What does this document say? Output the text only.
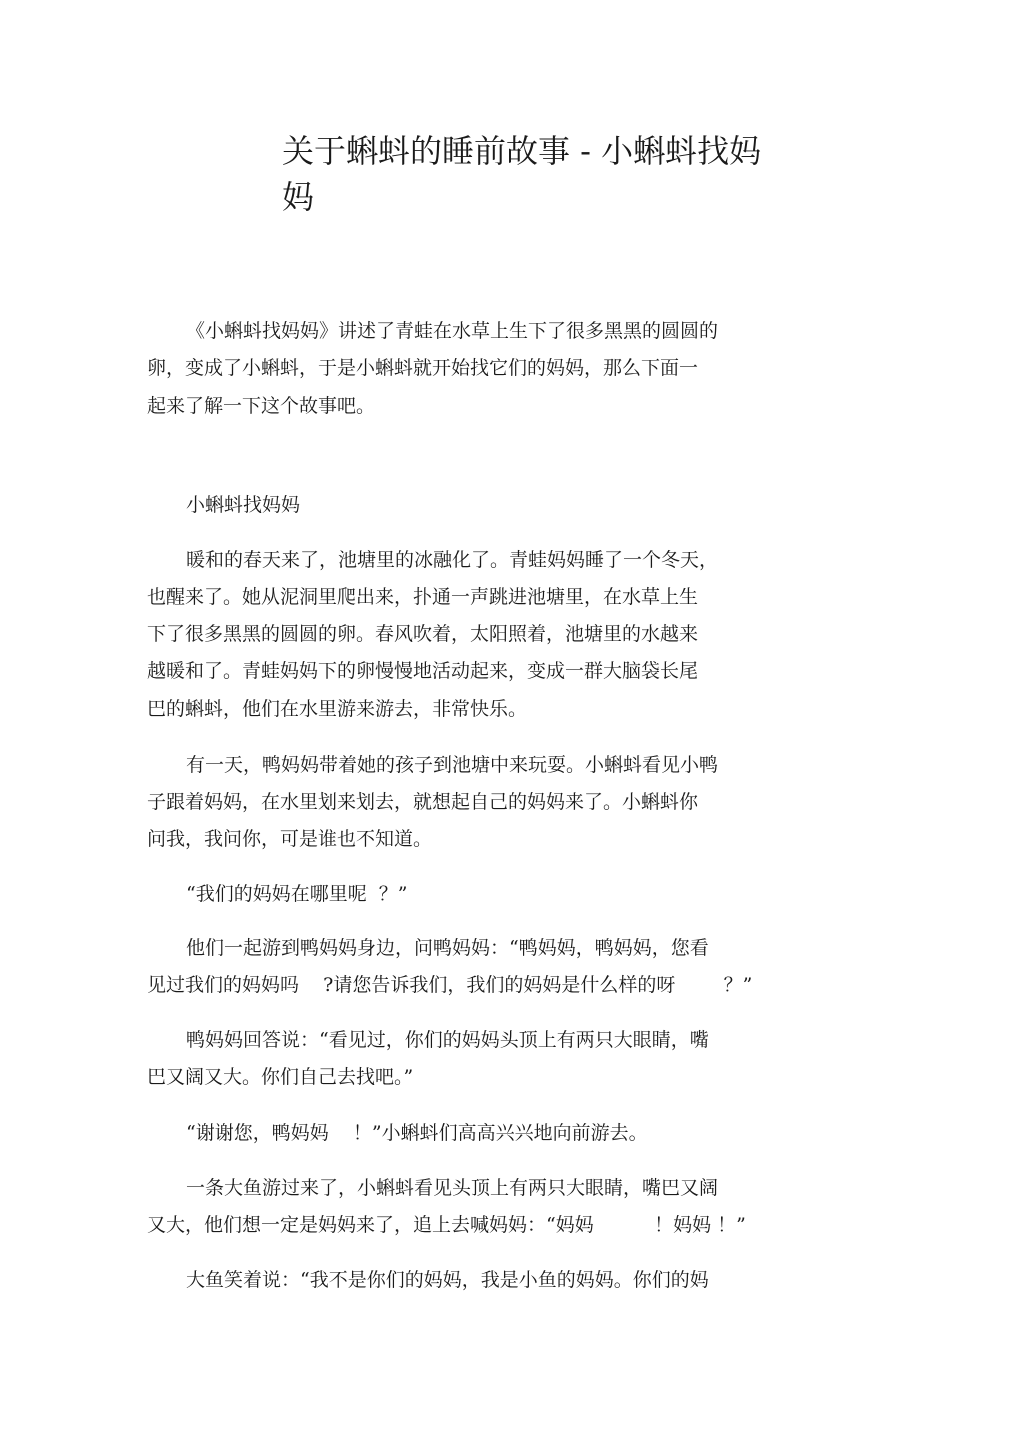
关于蝌蚪的睡前故事 - 小蝌蚪找妈
妈
《小蝌蚪找妈妈》讲述了青蛙在水草上生下了很多黑黑的圆圆的
卵，变成了小蝌蚪，于是小蝌蚪就开始找它们的妈妈，那么下面一
起来了解一下这个故事吧。
小蝌蚪找妈妈
暖和的春天来了，池塘里的冰融化了。青蛙妈妈睡了一个冬天，
也醒来了。她从泥洞里爬出来，扑通一声跳进池塘里，在水草上生
下了很多黑黑的圆圆的卵。春风吹着，太阳照着，池塘里的水越来
越暖和了。青蛙妈妈下的卵慢慢地活动起来，变成一群大脑袋长尾
巴的蝌蚪，他们在水里游来游去，非常快乐。
有一天，鸭妈妈带着她的孩子到池塘中来玩耍。小蝌蚪看见小鸭
子跟着妈妈，在水里划来划去，就想起自己的妈妈来了。小蝌蚪你
问我，我问你，可是谁也不知道。
“我们的妈妈在哪里呢  ？”
他们一起游到鸭妈妈身边，问鸭妈妈：“鸭妈妈，鸭妈妈，您看
见过我们的妈妈吗    ?请您告诉我们，我们的妈妈是什么样的呀        ？”
鸭妈妈回答说：“看见过，你们的妈妈头顶上有两只大眼睛，嘴
巴又阔又大。你们自己去找吧。”
“谢谢您，鸭妈妈    ！”小蝌蚪们高高兴兴地向前游去。
一条大鱼游过来了，小蝌蚪看见头顶上有两只大眼睛，嘴巴又阔
又大，他们想一定是妈妈来了，追上去喊妈妈：“妈妈          ！妈妈 ！”
大鱼笑着说：“我不是你们的妈妈，我是小鱼的妈妈。你们的妈
